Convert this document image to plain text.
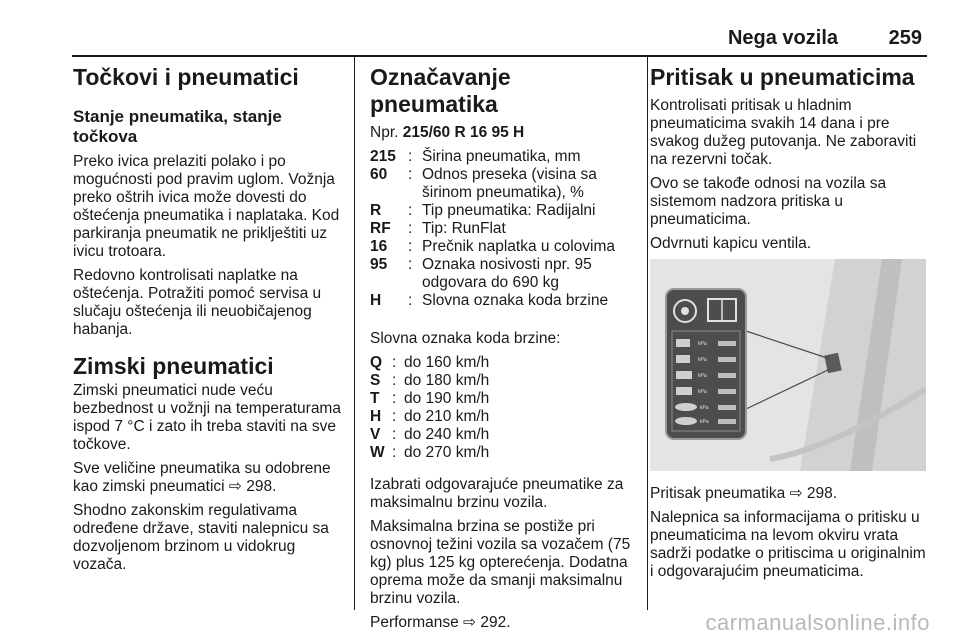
Nega vozila	259
Točkovi i pneumatici
Stanje pneumatika, stanje točkova

Preko ivica prelaziti polako i po mogućnosti pod pravim uglom. Vožnja preko oštrih ivica može dovesti do oštećenja pneumatika i naplataka. Kod parkiranja pneumatik ne priklještiti uz ivicu trotoara.

Redovno kontrolisati naplatke na oštećenja. Potražiti pomoć servisa u slučaju oštećenja ili neuobičajenog habanja.

Zimski pneumatici

Zimski pneumatici nude veću bezbednost u vožnji na temperaturama ispod 7 °C i zato ih treba staviti na sve točkove.

Sve veličine pneumatika su odobrene kao zimski pneumatici ⇨ 298.

Shodno zakonskim regulativama određene države, staviti nalepnicu sa dozvoljenom brzinom u vidokrug vozača.

Označavanje pneumatika

Npr. 215/60 R 16 95 H

215 : Širina pneumatika, mm
60	: Odnos preseka (visina sa širinom pneumatika), %
R	: Tip pneumatika: Radijalni
RF	: Tip: RunFlat
16	: Prečnik naplatka u colovima
95	: Oznaka nosivosti npr. 95 odgovara do 690 kg
H	: Slovna oznaka koda brzine

Slovna oznaka koda brzine:

Q : do 160 km/h
S : do 180 km/h
T : do 190 km/h
H : do 210 km/h
V : do 240 km/h
W : do 270 km/h

Izabrati odgovarajuće pneumatike za maksimalnu brzinu vozila.

Maksimalna brzina se postiže pri osnovnoj težini vozila sa vozačem (75 kg) plus 125 kg opterećenja. Dodatna oprema može da smanji maksimalnu brzinu vozila.

Performanse ⇨ 292.

Pritisak u pneumaticima

Kontrolisati pritisak u hladnim pneumaticima svakih 14 dana i pre svakog dužeg putovanja. Ne zaboraviti na rezervni točak.

Ovo se takođe odnosi na vozila sa sistemom nadzora pritiska u pneumaticima.

Odvrnuti kapicu ventila.

kPa
kPa
kPa
kPa
kPa
kPa

Pritisak pneumatika ⇨ 298.

Nalepnica sa informacijama o pritisku u pneumaticima na levom okviru vrata sadrži podatke o pritiscima u originalnim i odgovarajućim pneumaticima.

carmanualsonline.info
